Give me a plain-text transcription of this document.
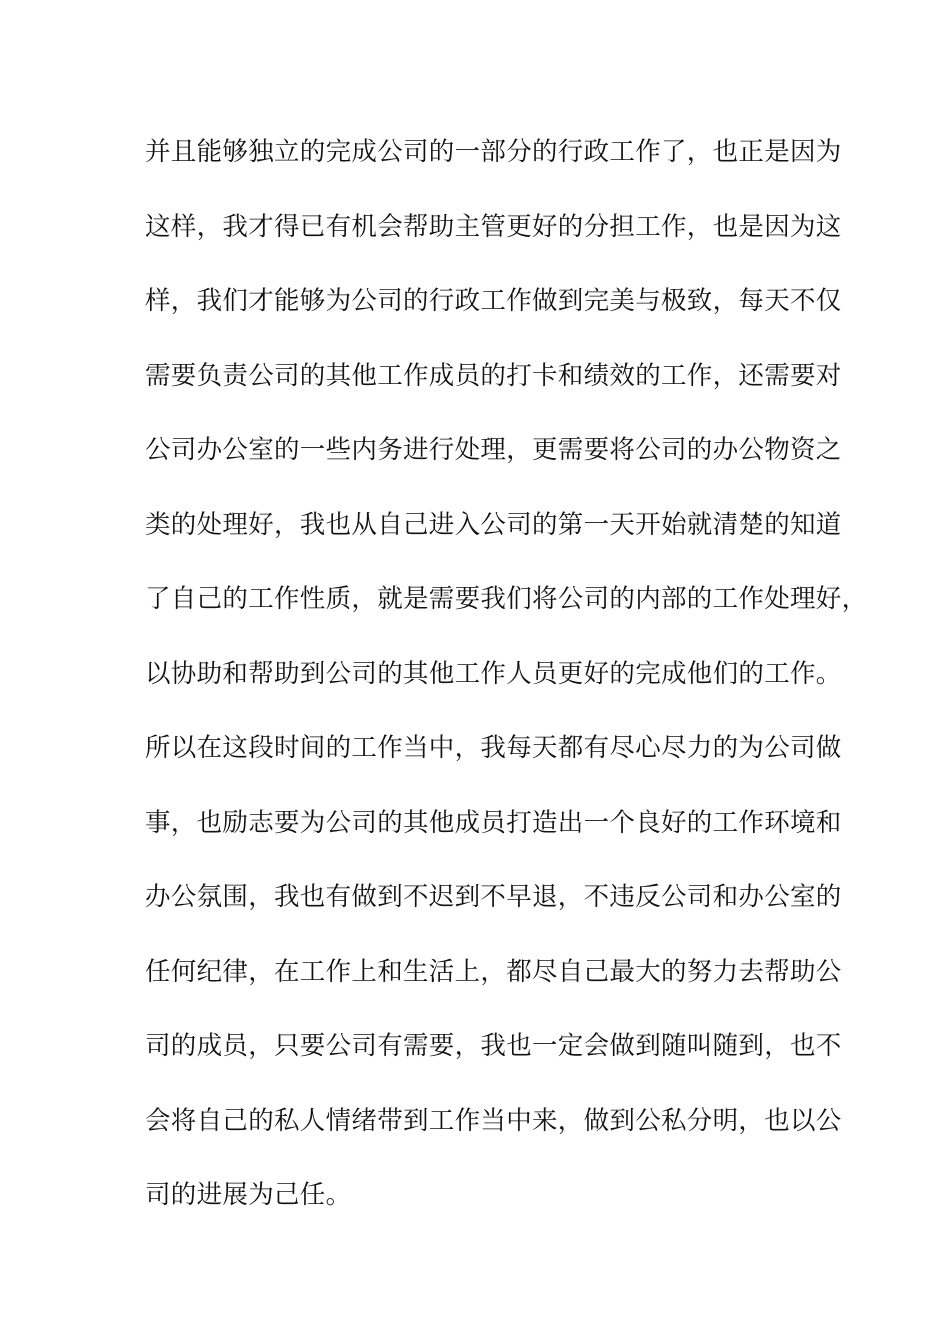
并且能够独立的完成公司的一部分的行政工作了，也正是因为
这样，我才得已有机会帮助主管更好的分担工作，也是因为这
样，我们才能够为公司的行政工作做到完美与极致，每天不仅
需要负责公司的其他工作成员的打卡和绩效的工作，还需要对
公司办公室的一些内务进行处理，更需要将公司的办公物资之
类的处理好，我也从自己进入公司的第一天开始就清楚的知道
了自己的工作性质，就是需要我们将公司的内部的工作处理好，
以协助和帮助到公司的其他工作人员更好的完成他们的工作。
所以在这段时间的工作当中，我每天都有尽心尽力的为公司做
事，也励志要为公司的其他成员打造出一个良好的工作环境和
办公氛围，我也有做到不迟到不早退，不违反公司和办公室的
任何纪律，在工作上和生活上，都尽自己最大的努力去帮助公
司的成员，只要公司有需要，我也一定会做到随叫随到，也不
会将自己的私人情绪带到工作当中来，做到公私分明，也以公
司的进展为己任。
